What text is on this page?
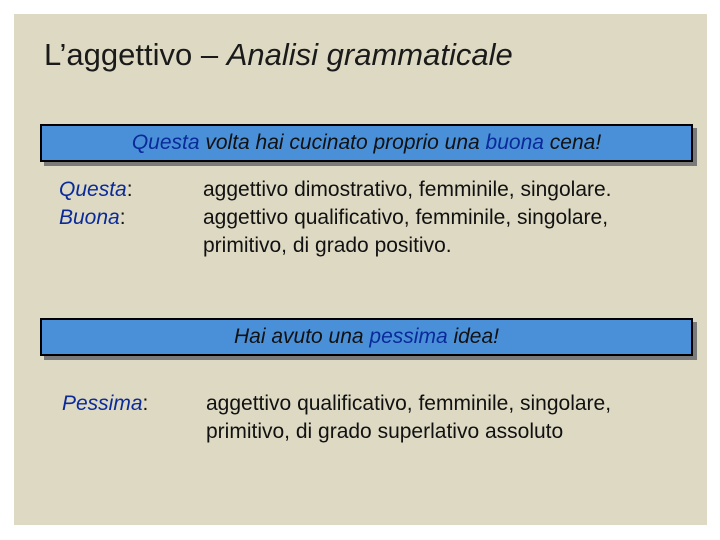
L’aggettivo – Analisi grammaticale
Questa volta hai cucinato proprio una buona cena!
Questa:
Buona:
aggettivo dimostrativo, femminile, singolare.
aggettivo qualificativo, femminile, singolare,
primitivo, di grado positivo.
Hai avuto una pessima idea!
Pessima:	aggettivo qualificativo, femminile, singolare,
primitivo, di grado superlativo assoluto
